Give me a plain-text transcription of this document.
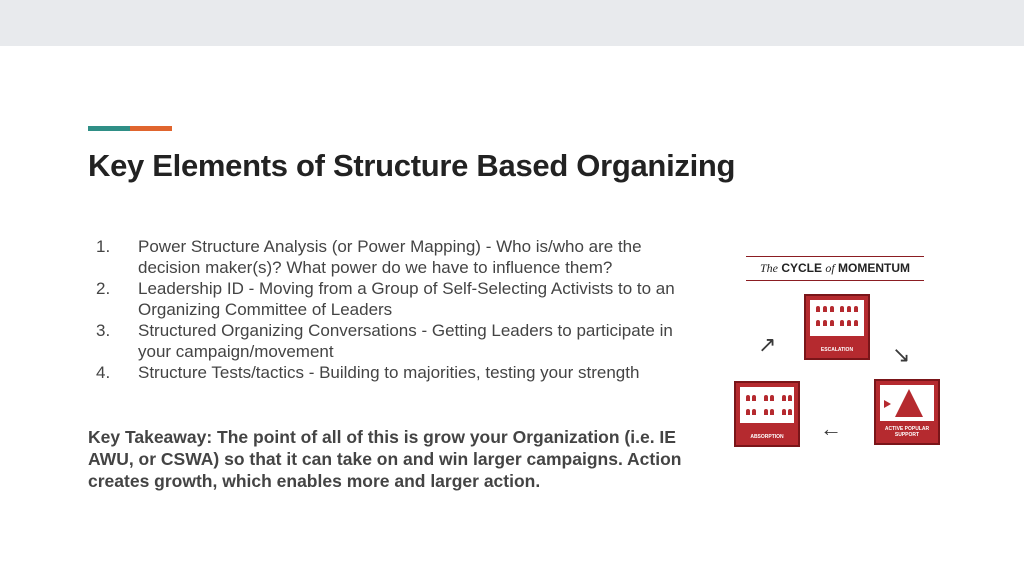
Key Elements of Structure Based Organizing
1. Power Structure Analysis (or Power Mapping) - Who is/who are the decision maker(s)? What power do we have to influence them?
2. Leadership ID - Moving from a Group of Self-Selecting Activists to to an Organizing Committee of Leaders
3. Structured Organizing Conversations - Getting Leaders to participate in your campaign/movement
4. Structure Tests/tactics - Building to majorities, testing your strength

Key Takeaway: The point of all of this is grow your Organization (i.e. IE AWU, or CSWA) so that it can take on and win larger campaigns. Action creates growth, which enables more and larger action.

The CYCLE of MOMENTUM
ESCALATION
ACTIVE POPULAR SUPPORT
ABSORPTION
↗	↘
←
